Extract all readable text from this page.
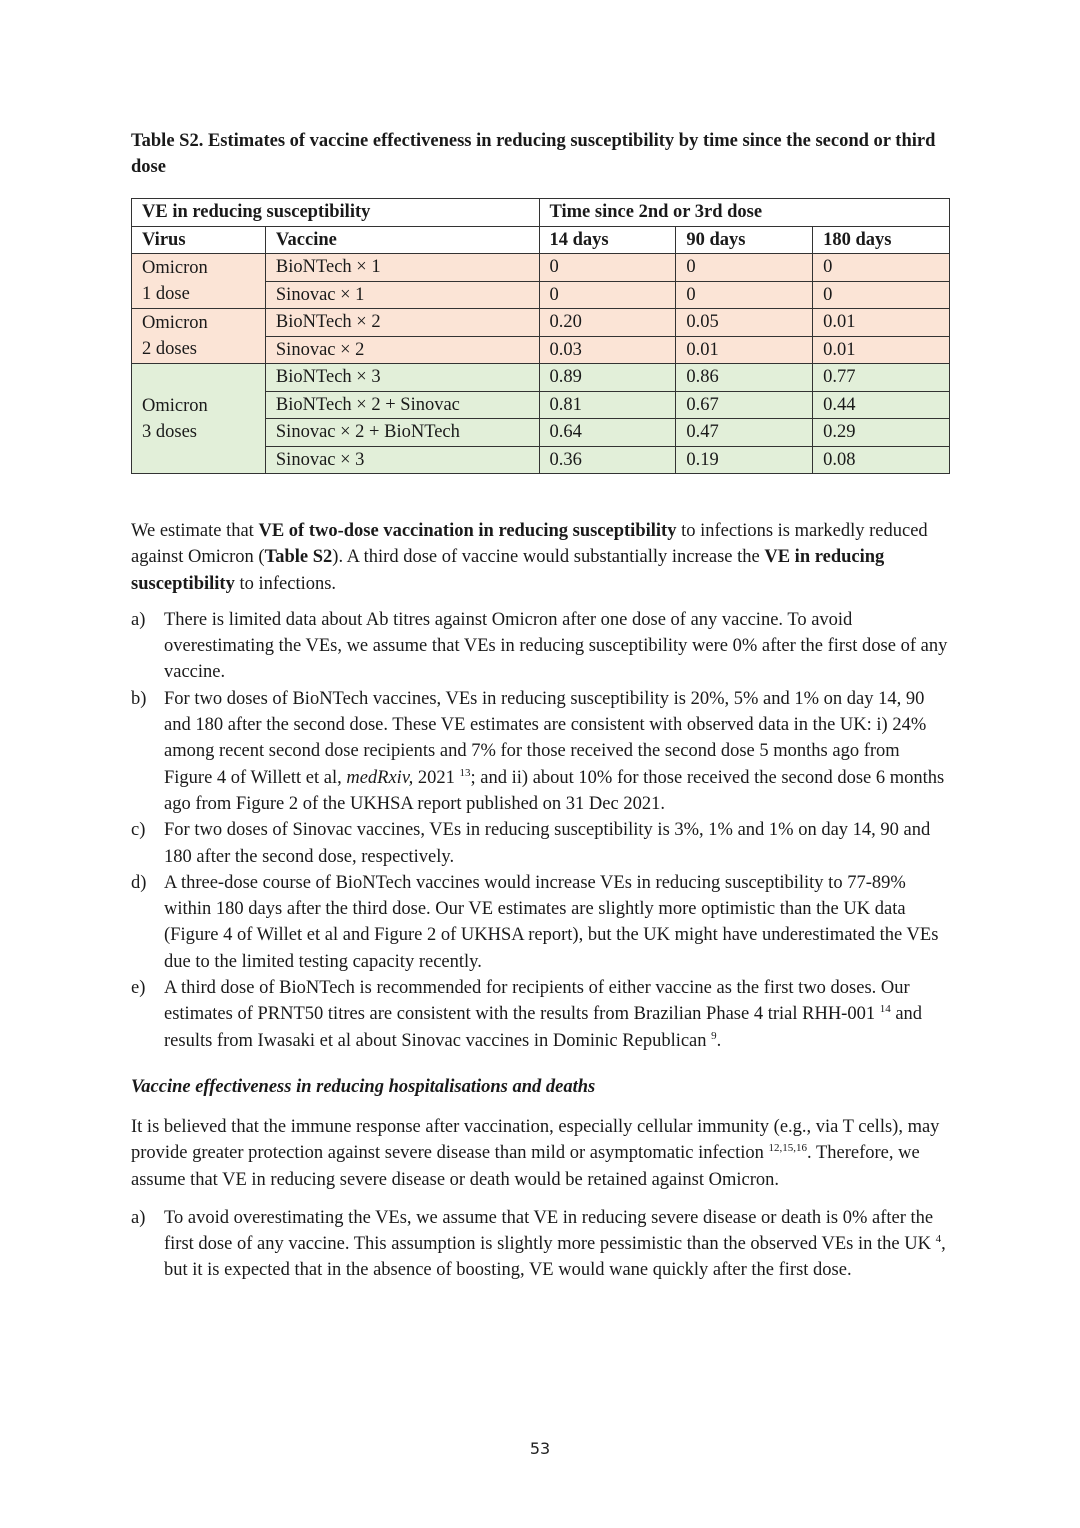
Table S2. Estimates of vaccine effectiveness in reducing susceptibility by time since the second or third dose

VE in reducing susceptibility		Time since 2nd or 3rd dose		
Virus	Vaccine	14 days	90 days	180 days
Omicron
1 dose	BioNTech × 1	0	0	0
	Sinovac × 1	0	0	0
Omicron
2 doses	BioNTech × 2	0.20	0.05	0.01
	Sinovac × 2	0.03	0.01	0.01
Omicron
3 doses	BioNTech × 3	0.89	0.86	0.77
	BioNTech × 2 + Sinovac	0.81	0.67	0.44
	Sinovac × 2 + BioNTech	0.64	0.47	0.29
	Sinovac × 3	0.36	0.19	0.08

We estimate that VE of two-dose vaccination in reducing susceptibility to infections is markedly reduced against Omicron (Table S2). A third dose of vaccine would substantially increase the VE in reducing susceptibility to infections.

a) There is limited data about Ab titres against Omicron after one dose of any vaccine. To avoid overestimating the VEs, we assume that VEs in reducing susceptibility were 0% after the first dose of any vaccine.
b) For two doses of BioNTech vaccines, VEs in reducing susceptibility is 20%, 5% and 1% on day 14, 90 and 180 after the second dose. These VE estimates are consistent with observed data in the UK: i) 24% among recent second dose recipients and 7% for those received the second dose 5 months ago from Figure 4 of Willett et al, medRxiv, 2021 $^{13}$; and ii) about 10% for those received the second dose 6 months ago from Figure 2 of the UKHSA report published on 31 Dec 2021.
c) For two doses of Sinovac vaccines, VEs in reducing susceptibility is 3%, 1% and 1% on day 14, 90 and 180 after the second dose, respectively.
d) A three-dose course of BioNTech vaccines would increase VEs in reducing susceptibility to 77-89% within 180 days after the third dose. Our VE estimates are slightly more optimistic than the UK data (Figure 4 of Willet et al and Figure 2 of UKHSA report), but the UK might have underestimated the VEs due to the limited testing capacity recently.
e) A third dose of BioNTech is recommended for recipients of either vaccine as the first two doses. Our estimates of PRNT50 titres are consistent with the results from Brazilian Phase 4 trial RHH-001 $^{14}$ and results from Iwasaki et al about Sinovac vaccines in Dominic Republican $^9$.
Vaccine effectiveness in reducing hospitalisations and deaths

It is believed that the immune response after vaccination, especially cellular immunity (e.g., via T cells), may provide greater protection against severe disease than mild or asymptomatic infection $^{12,15,16}$. Therefore, we assume that VE in reducing severe disease or death would be retained against Omicron.

a) To avoid overestimating the VEs, we assume that VE in reducing severe disease or death is 0% after the first dose of any vaccine. This assumption is slightly more pessimistic than the observed VEs in the UK $^4$, but it is expected that in the absence of boosting, VE would wane quickly after the first dose.
53
